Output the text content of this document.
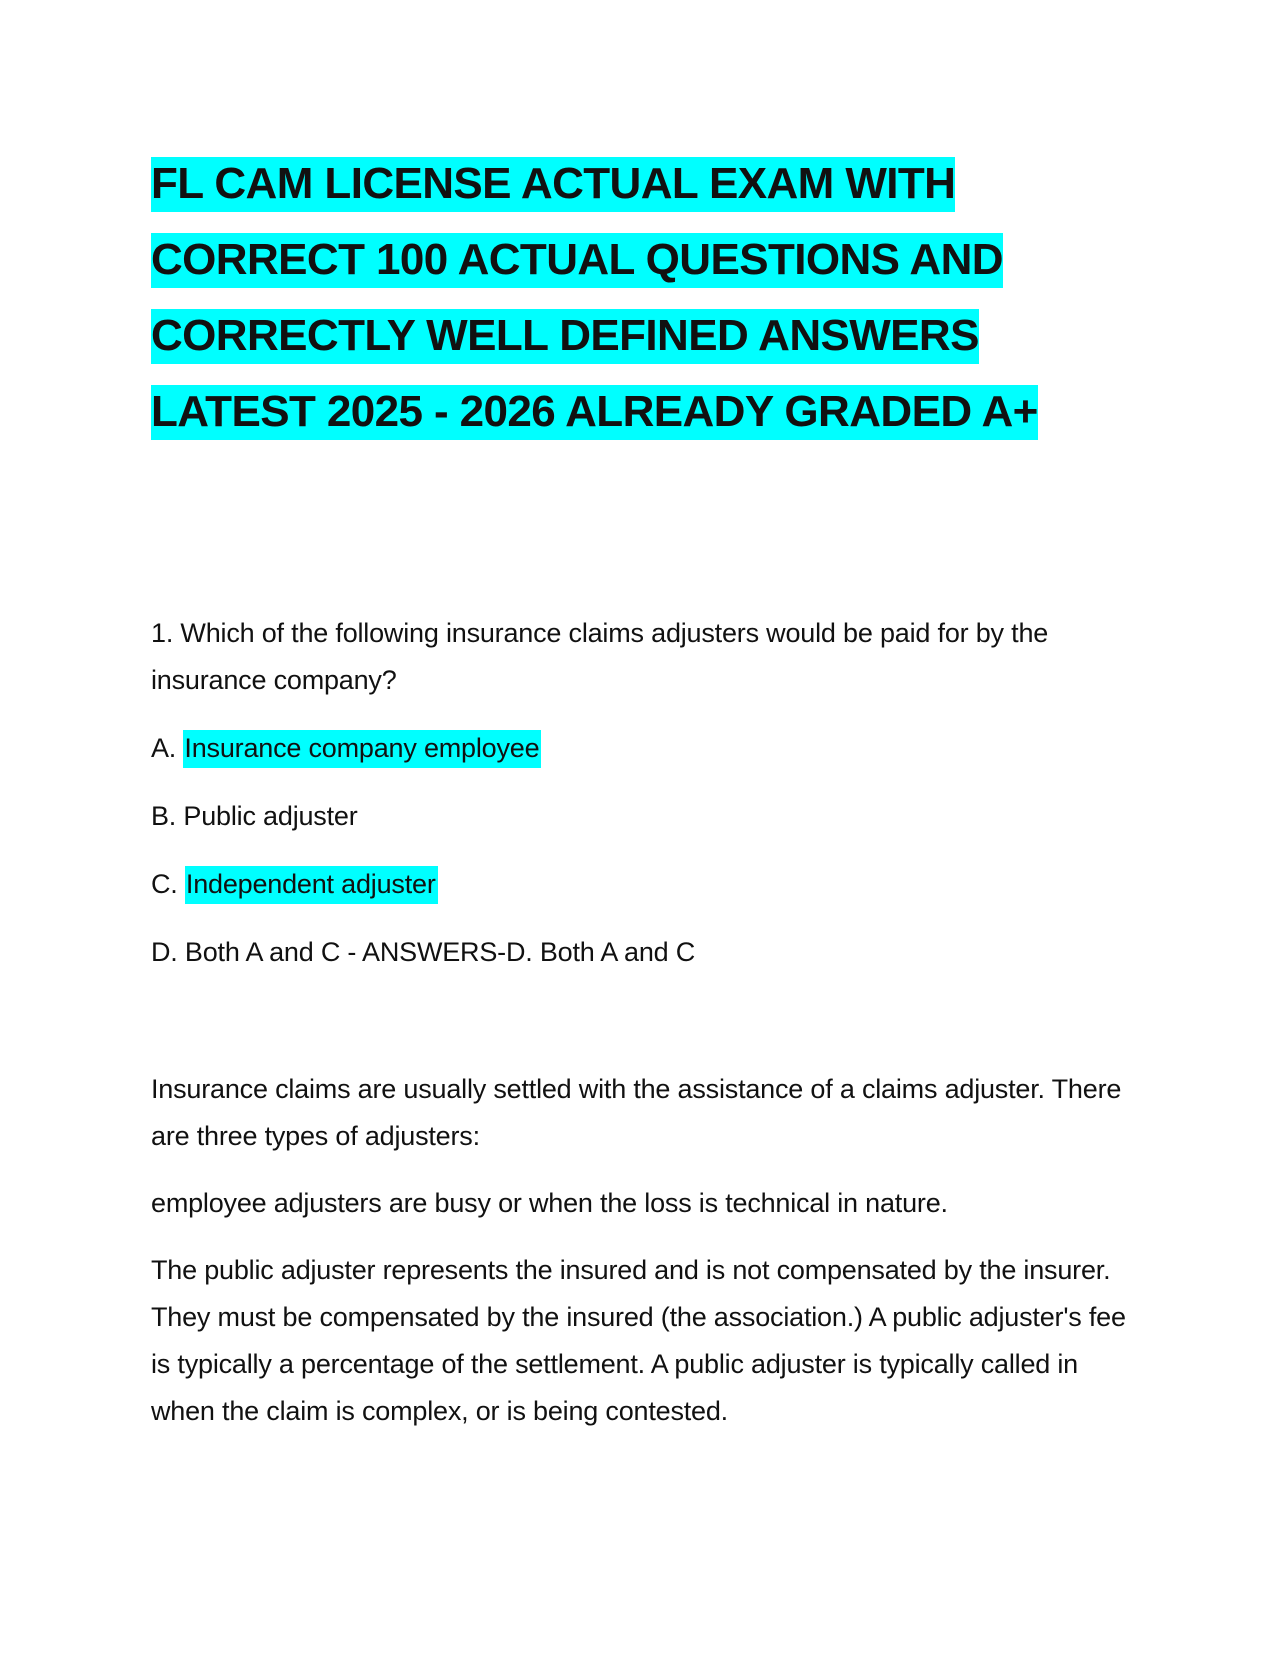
FL CAM LICENSE ACTUAL EXAM WITH
CORRECT 100 ACTUAL QUESTIONS AND
CORRECTLY WELL DEFINED ANSWERS
LATEST 2025 - 2026 ALREADY GRADED A+

1. Which of the following insurance claims adjusters would be paid for by the insurance company?

A. Insurance company employee

B. Public adjuster

C. Independent adjuster

D. Both A and C - ANSWERS-D. Both A and C

Insurance claims are usually settled with the assistance of a claims adjuster. There are three types of adjusters:

employee adjusters are busy or when the loss is technical in nature.

The public adjuster represents the insured and is not compensated by the insurer. They must be compensated by the insured (the association.) A public adjuster's fee is typically a percentage of the settlement. A public adjuster is typically called in when the claim is complex, or is being contested.
